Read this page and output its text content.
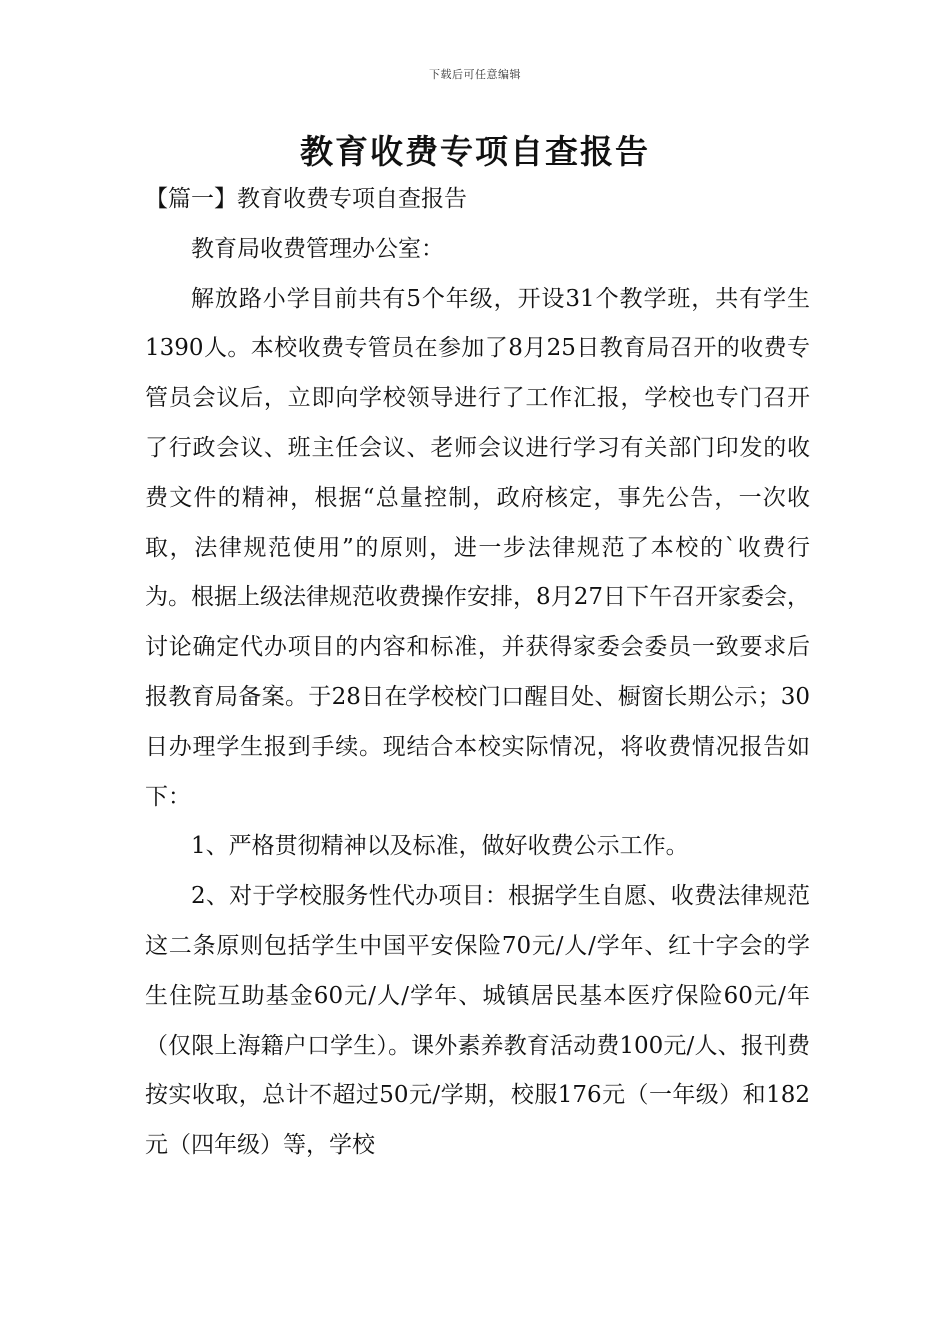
下载后可任意编辑
教育收费专项自查报告

【篇一】教育收费专项自查报告

教育局收费管理办公室：

解放路小学目前共有5个年级，开设31个教学班，共有学生1390人。本校收费专管员在参加了8月25日教育局召开的收费专管员会议后，立即向学校领导进行了工作汇报，学校也专门召开了行政会议、班主任会议、老师会议进行学习有关部门印发的收费文件的精神，根据“总量控制，政府核定，事先公告，一次收取，法律规范使用”的原则，进一步法律规范了本校的`收费行为。根据上级法律规范收费操作安排，8月27日下午召开家委会，讨论确定代办项目的内容和标准，并获得家委会委员一致要求后报教育局备案。于28日在学校校门口醒目处、橱窗长期公示；30日办理学生报到手续。现结合本校实际情况，将收费情况报告如下：

1、严格贯彻精神以及标准，做好收费公示工作。

2、对于学校服务性代办项目：根据学生自愿、收费法律规范这二条原则包括学生中国平安保险70元/人/学年、红十字会的学生住院互助基金60元/人/学年、城镇居民基本医疗保险60元/年（仅限上海籍户口学生）。课外素养教育活动费100元/人、报刊费按实收取，总计不超过50元/学期，校服176元（一年级）和182元（四年级）等，学校
